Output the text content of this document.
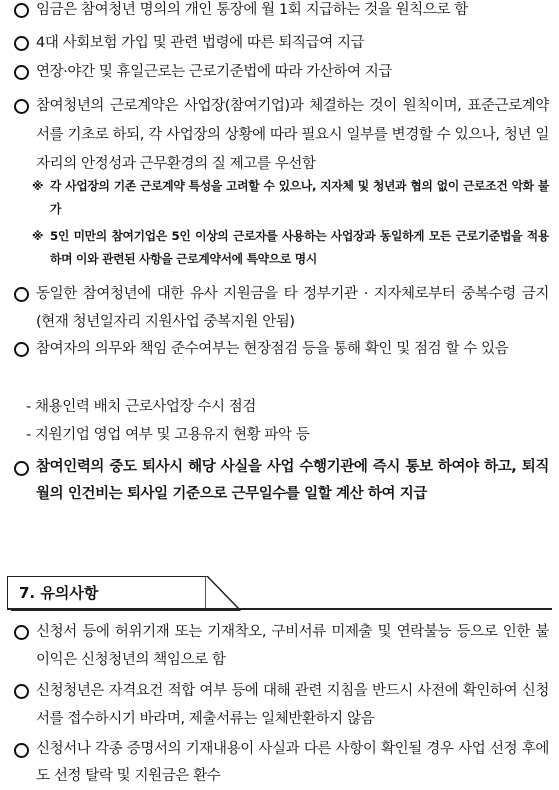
임금은 참여청년 명의의 개인 통장에 월 1회 지급하는 것을 원칙으로 함
4대 사회보험 가입 및 관련 법령에 따른 퇴직급여 지급
연장·야간 및 휴일근로는 근로기준법에 따라 가산하여 지급
참여청년의 근로계약은 사업장(참여기업)과 체결하는 것이 원칙이며, 표준근로계약서를 기초로 하되, 각 사업장의 상황에 따라 필요시 일부를 변경할 수 있으나, 청년 일자리의 안정성과 근무환경의 질 제고를 우선함
※ 각 사업장의 기존 근로계약 특성을 고려할 수 있으나, 지자체 및 청년과 협의 없이 근로조건 악화 불가
※ 5인 미만의 참여기업은 5인 이상의 근로자를 사용하는 사업장과 동일하게 모든 근로기준법을 적용하며 이와 관련된 사항을 근로계약서에 특약으로 명시
동일한 참여청년에 대한 유사 지원금을 타 정부기관 · 지자체로부터 중복수령 금지(현재 청년일자리 지원사업 중복지원 안됨)
참여자의 의무와 책임 준수여부는 현장점검 등을 통해 확인 및 점검 할 수 있음
- 채용인력 배치 근로사업장 수시 점검
- 지원기업 영업 여부 및 고용유지 현황 파악 등
참여인력의 중도 퇴사시 해당 사실을 사업 수행기관에 즉시 통보 하여야 하고, 퇴직 월의 인건비는 퇴사일 기준으로 근무일수를 일할 계산 하여 지급
7. 유의사항
신청서 등에 허위기재 또는 기재착오, 구비서류 미제출 및 연락불능 등으로 인한 불이익은 신청청년의 책임으로 함
신청청년은 자격요건 적합 여부 등에 대해 관련 지침을 반드시 사전에 확인하여 신청서를 접수하시기 바라며, 제출서류는 일체반환하지 않음
신청서나 각종 증명서의 기재내용이 사실과 다른 사항이 확인될 경우 사업 선정 후에도 선정 탈락 및 지원금은 환수
